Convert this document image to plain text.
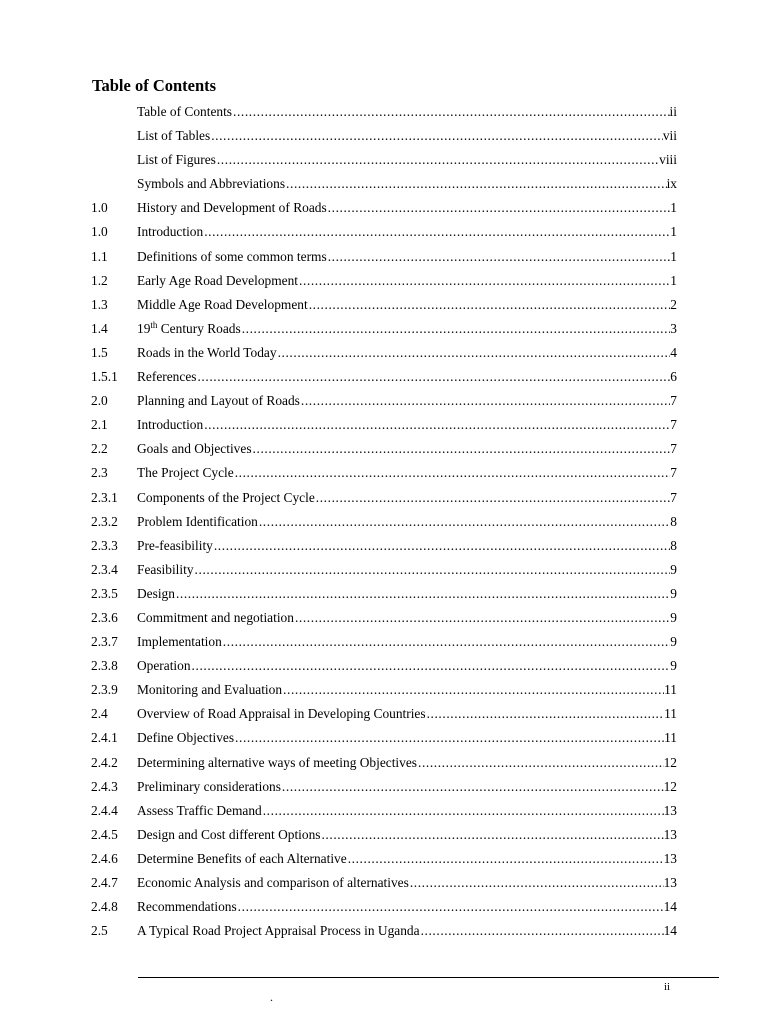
Table of Contents
Table of Contents .....	ii
List of Tables .....	vii
List of Figures .....	viii
Symbols and Abbreviations .....	ix
1.0	History and Development of Roads .....	1
1.0	Introduction .....	1
1.1	Definitions of some common terms .....	1
1.2	Early Age Road Development .....	1
1.3	Middle Age Road Development .....	2
1.4	19th Century Roads .....	3
1.5	Roads in the World Today .....	4
1.5.1	References .....	6
2.0	Planning and Layout of Roads .....	7
2.1	Introduction .....	7
2.2	Goals and Objectives .....	7
2.3	The Project Cycle .....	7
2.3.1	Components of the Project Cycle .....	7
2.3.2	Problem Identification .....	8
2.3.3	Pre-feasibility .....	8
2.3.4	Feasibility .....	9
2.3.5	Design .....	9
2.3.6	Commitment and negotiation .....	9
2.3.7	Implementation .....	9
2.3.8	Operation .....	9
2.3.9	Monitoring and Evaluation .....	11
2.4	Overview of Road Appraisal in Developing Countries .....	11
2.4.1	Define Objectives .....	11
2.4.2	Determining alternative ways of meeting Objectives .....	12
2.4.3	Preliminary considerations .....	12
2.4.4	Assess Traffic Demand .....	13
2.4.5	Design and Cost different Options .....	13
2.4.6	Determine Benefits of each Alternative .....	13
2.4.7	Economic Analysis and comparison of alternatives .....	13
2.4.8	Recommendations .....	14
2.5	A Typical Road Project Appraisal Process in Uganda .....	14
ii
.
